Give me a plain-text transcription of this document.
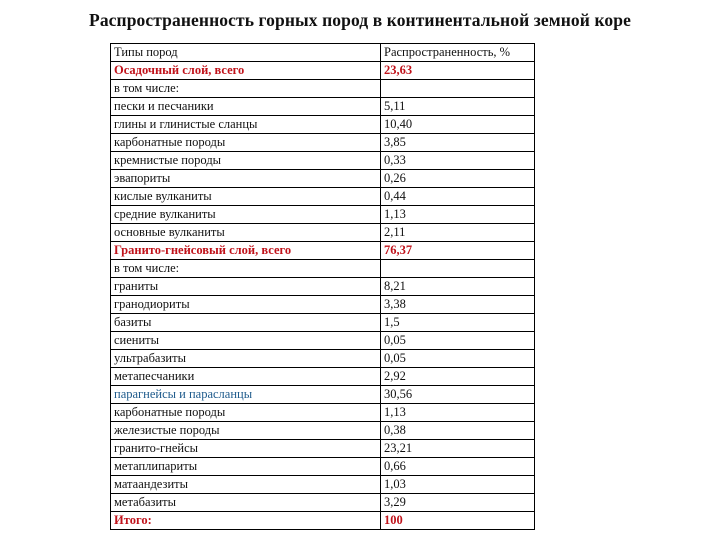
Распространенность горных пород в континентальной земной коре
Типы пород	Распространенность, %
Осадочный слой, всего	23,63
в том числе:	
пески и песчаники	5,11
глины и глинистые сланцы	10,40
карбонатные породы	3,85
кремнистые породы	0,33
эвапориты	0,26
кислые вулканиты	0,44
средние вулканиты	1,13
основные вулканиты	2,11
Гранито-гнейсовый слой, всего	76,37
в том числе:	
граниты	8,21
гранодиориты	3,38
базиты	1,5
сиениты	0,05
ультрабазиты	0,05
метапесчаники	2,92
парагнейсы и парасланцы	30,56
карбонатные породы	1,13
железистые породы	0,38
гранито-гнейсы	23,21
метаплипариты	0,66
матаандезиты	1,03
метабазиты	3,29
Итого:	100
